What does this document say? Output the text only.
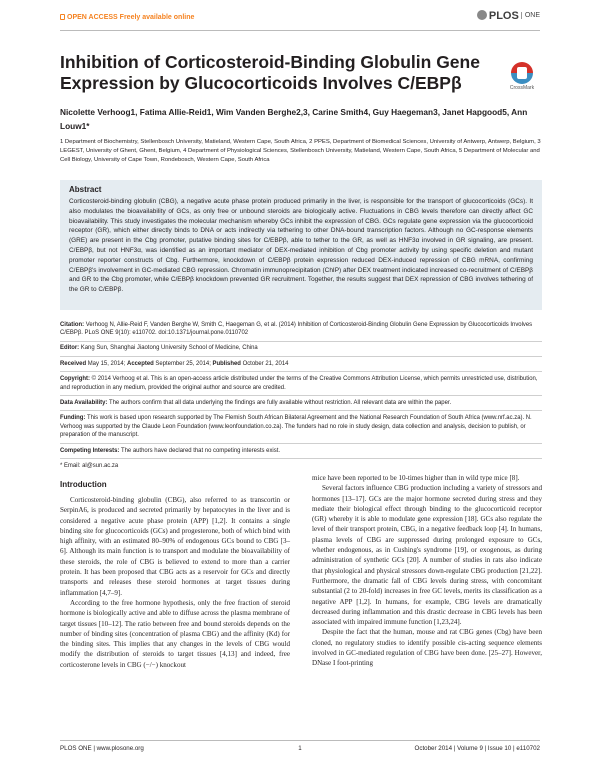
OPEN ACCESS Freely available online	PLOS ONE
Inhibition of Corticosteroid-Binding Globulin Gene Expression by Glucocorticoids Involves C/EBPβ	CrossMark
Nicolette Verhoog1, Fatima Allie-Reid1, Wim Vanden Berghe2,3, Carine Smith4, Guy Haegeman3, Janet Hapgood5, Ann Louw1*
1 Department of Biochemistry, Stellenbosch University, Matieland, Western Cape, South Africa, 2 PPES, Department of Biomedical Sciences, University of Antwerp, Antwerp, Belgium, 3 LEGEST, University of Ghent, Ghent, Belgium, 4 Department of Physiological Sciences, Stellenbosch University, Matieland, Western Cape, South Africa, 5 Department of Molecular and Cell Biology, University of Cape Town, Rondebosch, Western Cape, South Africa
Abstract
Corticosteroid-binding globulin (CBG), a negative acute phase protein produced primarily in the liver, is responsible for the transport of glucocorticoids (GCs). It also modulates the bioavailability of GCs, as only free or unbound steroids are biologically active. Fluctuations in CBG levels therefore can directly affect GC bioavailability. This study investigates the molecular mechanism whereby GCs inhibit the expression of CBG. GCs regulate gene expression via the glucocorticoid receptor (GR), which either directly binds to DNA or acts indirectly via tethering to other DNA-bound transcription factors. Although no GC-response elements (GRE) are present in the Cbg promoter, putative binding sites for C/EBPβ, able to tether to the GR, as well as HNF3α involved in GR signaling, are present. C/EBPβ, but not HNF3α, was identified as an important mediator of DEX-mediated inhibition of Cbg promoter activity by using specific deletion and mutant promoter reporter constructs of Cbg. Furthermore, knockdown of C/EBPβ protein expression reduced DEX-induced repression of CBG mRNA, confirming C/EBPβ's involvement in GC-mediated CBG repression. Chromatin immunoprecipitation (ChIP) after DEX treatment indicated increased co-recruitment of C/EBPβ and GR to the Cbg promoter, while C/EBPβ knockdown prevented GR recruitment. Together, the results suggest that DEX repression of CBG involves tethering of the GR to C/EBPβ.
Citation: Verhoog N, Allie-Reid F, Vanden Berghe W, Smith C, Haegeman G, et al. (2014) Inhibition of Corticosteroid-Binding Globulin Gene Expression by Glucocorticoids Involves C/EBPβ. PLoS ONE 9(10): e110702. doi:10.1371/journal.pone.0110702
Editor: Kang Sun, Shanghai Jiaotong University School of Medicine, China
Received May 15, 2014; Accepted September 25, 2014; Published October 21, 2014
Copyright: © 2014 Verhoog et al. This is an open-access article distributed under the terms of the Creative Commons Attribution License, which permits unrestricted use, distribution, and reproduction in any medium, provided the original author and source are credited.
Data Availability: The authors confirm that all data underlying the findings are fully available without restriction. All relevant data are within the paper.
Funding: This work is based upon research supported by The Flemish South African Bilateral Agreement and the National Research Foundation of South Africa (www.nrf.ac.za). N. Verhoog was supported by the Claude Leon Foundation (www.leonfoundation.co.za). The funders had no role in study design, data collection and analysis, decision to publish, or preparation of the manuscript.
Competing Interests: The authors have declared that no competing interests exist.
* Email: al@sun.ac.za
Introduction

Corticosteroid-binding globulin (CBG), also referred to as transcortin or SerpinA6, is produced and secreted primarily by hepatocytes in the liver and is considered a negative acute phase protein (APP) [1,2]. It contains a single binding site for glucocorticoids (GCs) and progesterone, both of which bind with high affinity, with an estimated 80–90% of endogenous GCs bound to CBG [3–6]. Although its main function is to transport and modulate the bioavailability of these steroids, the role of CBG is believed to extend to more than a carrier protein. It has been proposed that CBG acts as a reservoir for GCs and directly transports and releases these steroid hormones at target tissues during inflammation [4,7–9].

According to the free hormone hypothesis, only the free fraction of steroid hormone is biologically active and able to diffuse across the plasma membrane of target tissues [10–12]. The ratio between free and bound steroids depends on the number of binding sites (concentration of plasma CBG) and the affinity (Kd) for the binding sites. This implies that any changes in the levels of CBG would modify the distribution of steroids to target tissues [4,13] and indeed, free corticosterone levels in CBG (−/−) knockout

mice have been reported to be 10-times higher than in wild type mice [8].

Several factors influence CBG production including a variety of stressors and hormones [13–17]. GCs are the major hormone secreted during stress and they mediate their biological effect through binding to the glucocorticoid receptor (GR) whereby it is able to modulate gene expression [18]. GCs also regulate the level of their transport protein, CBG, in a negative feedback loop [4]. In humans, plasma levels of CBG are suppressed during prolonged exposure to GCs, whether endogenous, as in Cushing's syndrome [19], or exogenous, as during administration of synthetic GCs [20]. A number of studies in rats also indicate that physiological and physical stressors down-regulate CBG production [21,22]. Furthermore, the dramatic fall of CBG levels during stress, with concomitant substantial (2 to 20-fold) increases in free GC levels, merits its classification as a negative APP [1,2]. In humans, for example, CBG levels are dramatically decreased during inflammation and this drastic decrease in CBG levels has been associated with impaired immune function [1,23,24].

Despite the fact that the human, mouse and rat CBG genes (Cbg) have been cloned, no regulatory studies to identify possible cis-acting sequence elements involved in GC-mediated regulation of CBG have been done. [25–27]. However, DNase I foot-printing

PLOS ONE | www.plosone.org	1	October 2014 | Volume 9 | Issue 10 | e110702
